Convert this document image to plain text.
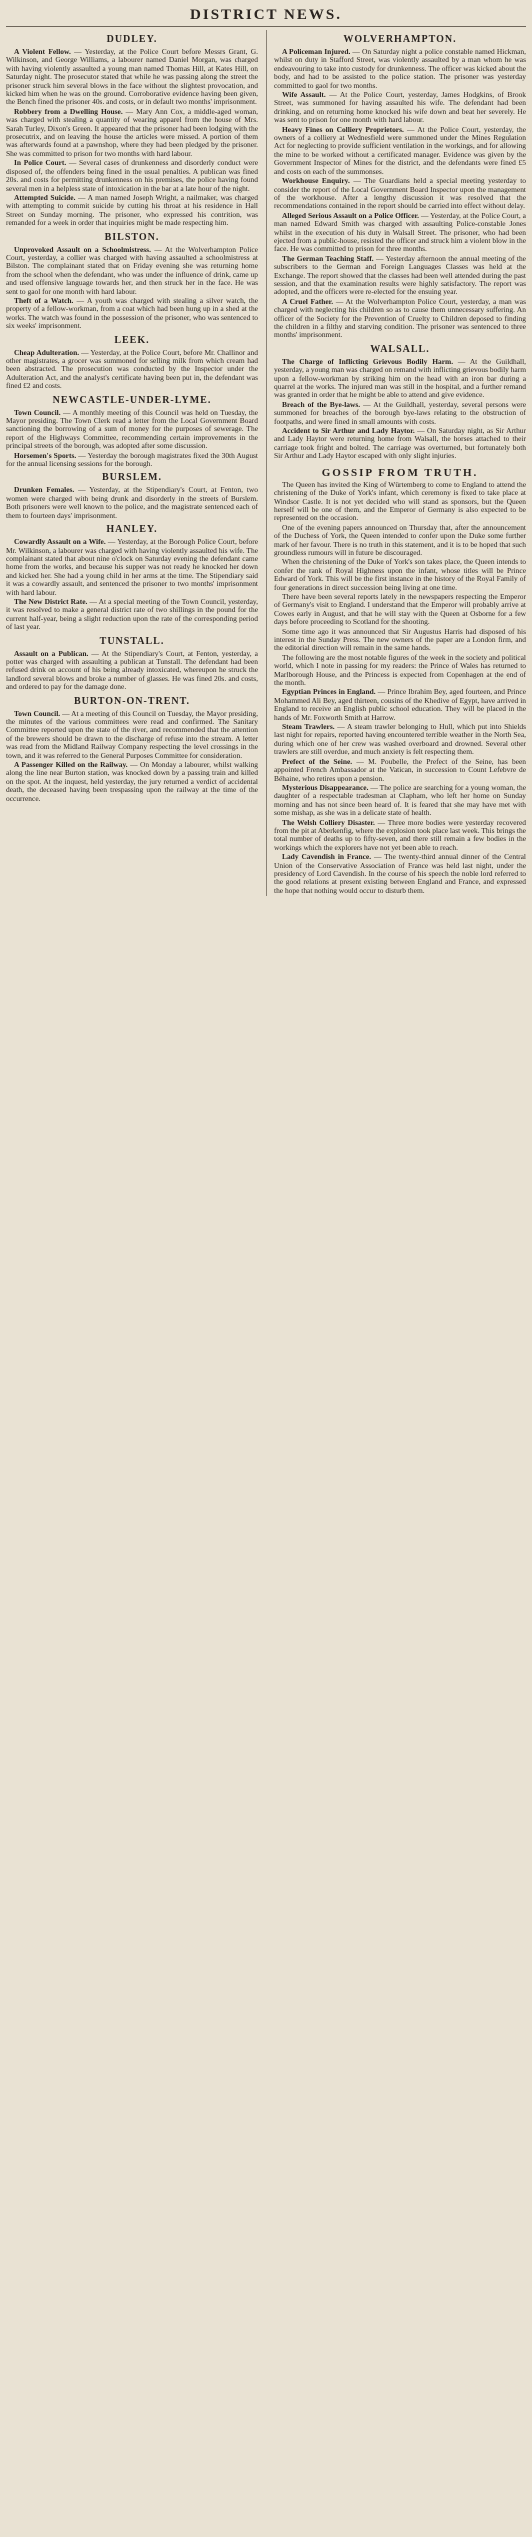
DISTRICT NEWS.
DUDLEY.
A Violent Fellow. — Yesterday, at the Police Court before Messrs Grant, G. Wilkinson, and George Williams, a labourer named Daniel Morgan, was charged with having violently assaulted a young man named Thomas Hill, at Kates Hill, on Saturday night. The prosecutor stated that while he was passing along the street the prisoner struck him several blows in the face without the slightest provocation, and kicked him when he was on the ground. Corroborative evidence having been given, the Bench fined the prisoner 40s. and costs, or in default two months' imprisonment.
Robbery from a Dwelling House. — Mary Ann Cox, a middle-aged woman, was charged with stealing a quantity of wearing apparel from the house of Mrs. Sarah Turley, Dixon's Green. It appeared that the prisoner had been lodging with the prosecutrix, and on leaving the house the articles were missed. A portion of them was afterwards found at a pawnshop, where they had been pledged by the prisoner. She was committed to prison for two months with hard labour.
In Police Court. — Several cases of drunkenness and disorderly conduct were disposed of, the offenders being fined in the usual penalties. A publican was fined 20s. and costs for permitting drunkenness on his premises, the police having found several men in a helpless state of intoxication in the bar at a late hour of the night.
Attempted Suicide. — A man named Joseph Wright, a nailmaker, was charged with attempting to commit suicide by cutting his throat at his residence in Hall Street on Sunday morning. The prisoner, who expressed his contrition, was remanded for a week in order that inquiries might be made respecting him.
BILSTON.
Unprovoked Assault on a Schoolmistress. — At the Wolverhampton Police Court, yesterday, a collier was charged with having assaulted a schoolmistress at Bilston. The complainant stated that on Friday evening she was returning home from the school when the defendant, who was under the influence of drink, came up and used offensive language towards her, and then struck her in the face. He was sent to gaol for one month with hard labour.
Theft of a Watch. — A youth was charged with stealing a silver watch, the property of a fellow-workman, from a coat which had been hung up in a shed at the works. The watch was found in the possession of the prisoner, who was sentenced to six weeks' imprisonment.
LEEK.
Cheap Adulteration. — Yesterday, at the Police Court, before Mr. Challinor and other magistrates, a grocer was summoned for selling milk from which cream had been abstracted. The prosecution was conducted by the Inspector under the Adulteration Act, and the analyst's certificate having been put in, the defendant was fined £2 and costs.
NEWCASTLE-UNDER-LYME.
Town Council. — A monthly meeting of this Council was held on Tuesday, the Mayor presiding. The Town Clerk read a letter from the Local Government Board sanctioning the borrowing of a sum of money for the purposes of sewerage. The report of the Highways Committee, recommending certain improvements in the principal streets of the borough, was adopted after some discussion.
Horsemen's Sports. — Yesterday the borough magistrates fixed the 30th August for the annual licensing sessions for the borough.
BURSLEM.
Drunken Females. — Yesterday, at the Stipendiary's Court, at Fenton, two women were charged with being drunk and disorderly in the streets of Burslem. Both prisoners were well known to the police, and the magistrate sentenced each of them to fourteen days' imprisonment.
HANLEY.
Cowardly Assault on a Wife. — Yesterday, at the Borough Police Court, before Mr. Wilkinson, a labourer was charged with having violently assaulted his wife. The complainant stated that about nine o'clock on Saturday evening the defendant came home from the works, and because his supper was not ready he knocked her down and kicked her. She had a young child in her arms at the time. The Stipendiary said it was a cowardly assault, and sentenced the prisoner to two months' imprisonment with hard labour.
The New District Rate. — At a special meeting of the Town Council, yesterday, it was resolved to make a general district rate of two shillings in the pound for the current half-year, being a slight reduction upon the rate of the corresponding period of last year.
TUNSTALL.
Assault on a Publican. — At the Stipendiary's Court, at Fenton, yesterday, a potter was charged with assaulting a publican at Tunstall. The defendant had been refused drink on account of his being already intoxicated, whereupon he struck the landlord several blows and broke a number of glasses. He was fined 20s. and costs, and ordered to pay for the damage done.
BURTON-ON-TRENT.
Town Council. — At a meeting of this Council on Tuesday, the Mayor presiding, the minutes of the various committees were read and confirmed. The Sanitary Committee reported upon the state of the river, and recommended that the attention of the brewers should be drawn to the discharge of refuse into the stream. A letter was read from the Midland Railway Company respecting the level crossings in the town, and it was referred to the General Purposes Committee for consideration.
A Passenger Killed on the Railway. — On Monday a labourer, whilst walking along the line near Burton station, was knocked down by a passing train and killed on the spot. At the inquest, held yesterday, the jury returned a verdict of accidental death, the deceased having been trespassing upon the railway at the time of the occurrence.
WOLVERHAMPTON.
A Policeman Injured. — On Saturday night a police constable named Hickman, whilst on duty in Stafford Street, was violently assaulted by a man whom he was endeavouring to take into custody for drunkenness. The officer was kicked about the body, and had to be assisted to the police station. The prisoner was yesterday committed to gaol for two months.
Wife Assault. — At the Police Court, yesterday, James Hodgkins, of Brook Street, was summoned for having assaulted his wife. The defendant had been drinking, and on returning home knocked his wife down and beat her severely. He was sent to prison for one month with hard labour.
Heavy Fines on Colliery Proprietors. — At the Police Court, yesterday, the owners of a colliery at Wednesfield were summoned under the Mines Regulation Act for neglecting to provide sufficient ventilation in the workings, and for allowing the mine to be worked without a certificated manager. Evidence was given by the Government Inspector of Mines for the district, and the defendants were fined £5 and costs on each of the summonses.
Workhouse Enquiry. — The Guardians held a special meeting yesterday to consider the report of the Local Government Board Inspector upon the management of the workhouse. After a lengthy discussion it was resolved that the recommendations contained in the report should be carried into effect without delay.
Alleged Serious Assault on a Police Officer. — Yesterday, at the Police Court, a man named Edward Smith was charged with assaulting Police-constable Jones whilst in the execution of his duty in Walsall Street. The prisoner, who had been ejected from a public-house, resisted the officer and struck him a violent blow in the face. He was committed to prison for three months.
The German Teaching Staff. — Yesterday afternoon the annual meeting of the subscribers to the German and Foreign Languages Classes was held at the Exchange. The report showed that the classes had been well attended during the past session, and that the examination results were highly satisfactory. The report was adopted, and the officers were re-elected for the ensuing year.
A Cruel Father. — At the Wolverhampton Police Court, yesterday, a man was charged with neglecting his children so as to cause them unnecessary suffering. An officer of the Society for the Prevention of Cruelty to Children deposed to finding the children in a filthy and starving condition. The prisoner was sentenced to three months' imprisonment.
WALSALL.
The Charge of Inflicting Grievous Bodily Harm. — At the Guildhall, yesterday, a young man was charged on remand with inflicting grievous bodily harm upon a fellow-workman by striking him on the head with an iron bar during a quarrel at the works. The injured man was still in the hospital, and a further remand was granted in order that he might be able to attend and give evidence.
Breach of the Bye-laws. — At the Guildhall, yesterday, several persons were summoned for breaches of the borough bye-laws relating to the obstruction of footpaths, and were fined in small amounts with costs.
Accident to Sir Arthur and Lady Haytor. — On Saturday night, as Sir Arthur and Lady Haytor were returning home from Walsall, the horses attached to their carriage took fright and bolted. The carriage was overturned, but fortunately both Sir Arthur and Lady Haytor escaped with only slight injuries.
GOSSIP FROM TRUTH.
The Queen has invited the King of Würtemberg to come to England to attend the christening of the Duke of York's infant, which ceremony is fixed to take place at Windsor Castle. It is not yet decided who will stand as sponsors, but the Queen herself will be one of them, and the Emperor of Germany is also expected to be represented on the occasion.
One of the evening papers announced on Thursday that, after the announcement of the Duchess of York, the Queen intended to confer upon the Duke some further mark of her favour. There is no truth in this statement, and it is to be hoped that such groundless rumours will in future be discouraged.
When the christening of the Duke of York's son takes place, the Queen intends to confer the rank of Royal Highness upon the infant, whose titles will be Prince Edward of York. This will be the first instance in the history of the Royal Family of four generations in direct succession being living at one time.
There have been several reports lately in the newspapers respecting the Emperor of Germany's visit to England. I understand that the Emperor will probably arrive at Cowes early in August, and that he will stay with the Queen at Osborne for a few days before proceeding to Scotland for the shooting.
Some time ago it was announced that Sir Augustus Harris had disposed of his interest in the Sunday Press. The new owners of the paper are a London firm, and the editorial direction will remain in the same hands.
The following are the most notable figures of the week in the society and political world, which I note in passing for my readers: the Prince of Wales has returned to Marlborough House, and the Princess is expected from Copenhagen at the end of the month.
Egyptian Princes in England. — Prince Ibrahim Bey, aged fourteen, and Prince Mohammed Ali Bey, aged thirteen, cousins of the Khedive of Egypt, have arrived in England to receive an English public school education. They will be placed in the hands of Mr. Foxworth Smith at Harrow.
Steam Trawlers. — A steam trawler belonging to Hull, which put into Shields last night for repairs, reported having encountered terrible weather in the North Sea, during which one of her crew was washed overboard and drowned. Several other trawlers are still overdue, and much anxiety is felt respecting them.
Prefect of the Seine. — M. Poubelle, the Prefect of the Seine, has been appointed French Ambassador at the Vatican, in succession to Count Lefebvre de Béhaine, who retires upon a pension.
Mysterious Disappearance. — The police are searching for a young woman, the daughter of a respectable tradesman at Clapham, who left her home on Sunday morning and has not since been heard of. It is feared that she may have met with some mishap, as she was in a delicate state of health.
The Welsh Colliery Disaster. — Three more bodies were yesterday recovered from the pit at Aberkenfig, where the explosion took place last week. This brings the total number of deaths up to fifty-seven, and there still remain a few bodies in the workings which the explorers have not yet been able to reach.
Lady Cavendish in France. — The twenty-third annual dinner of the Central Union of the Conservative Association of France was held last night, under the presidency of Lord Cavendish. In the course of his speech the noble lord referred to the good relations at present existing between England and France, and expressed the hope that nothing would occur to disturb them.
